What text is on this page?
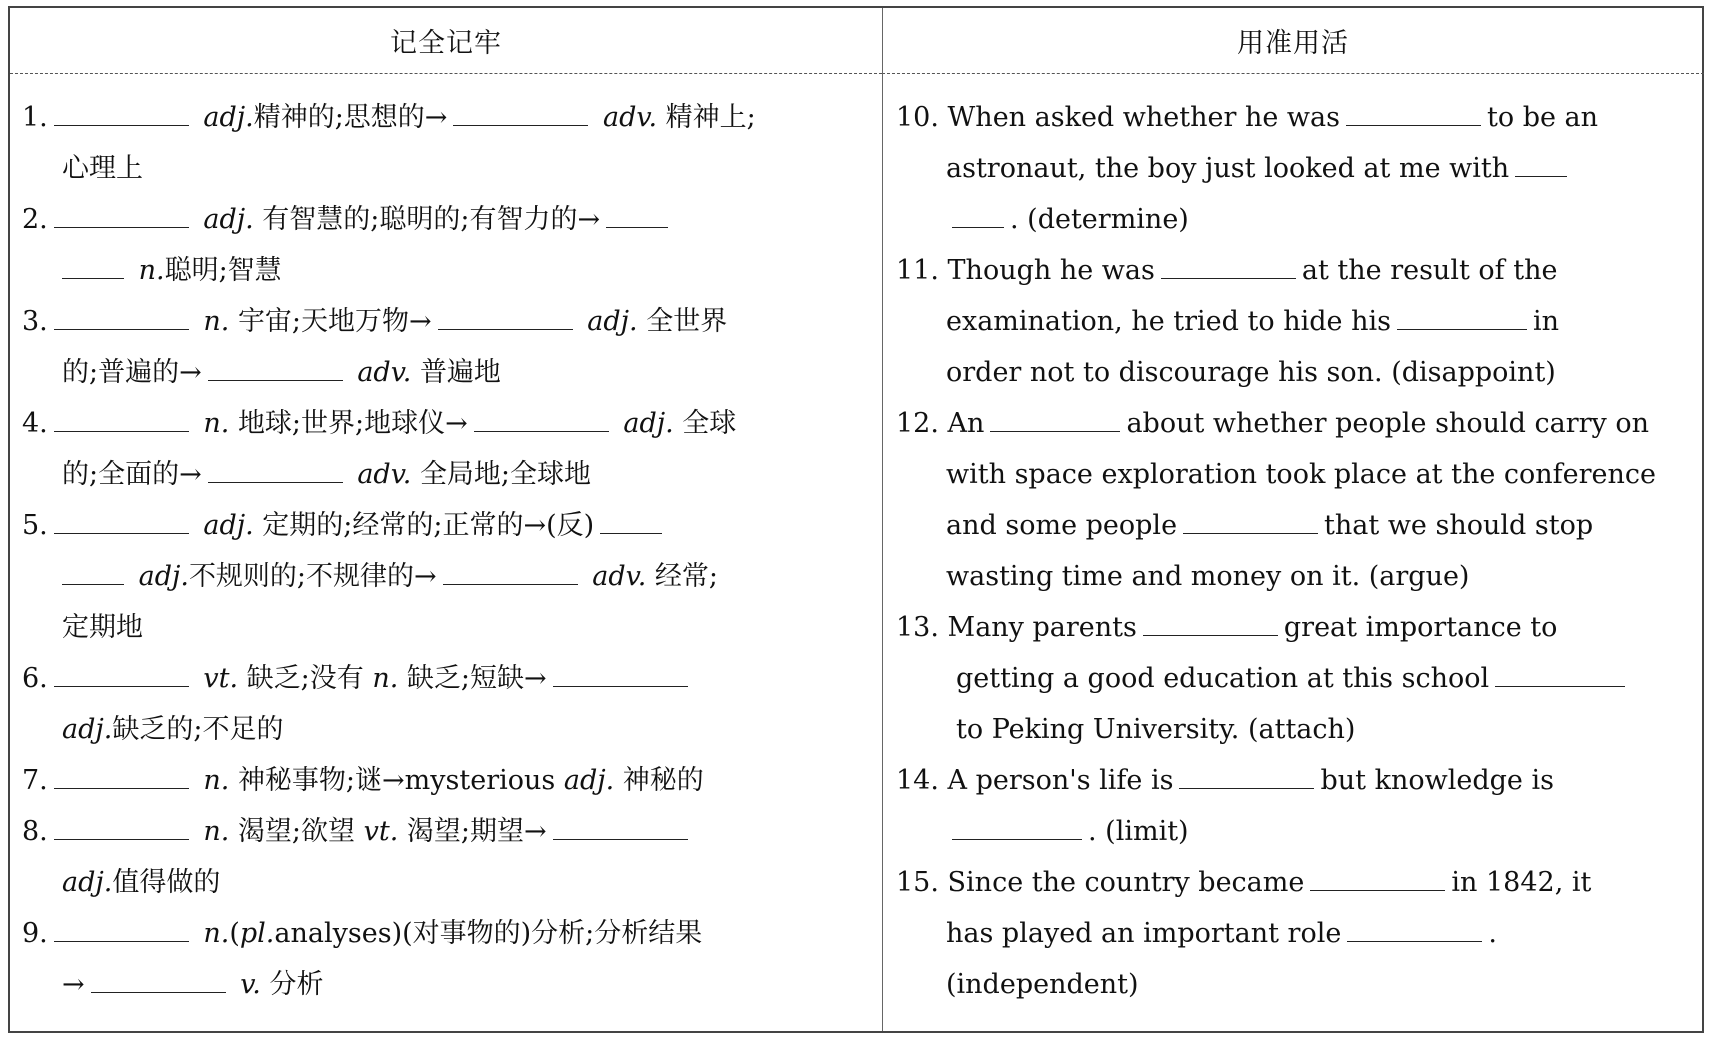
记全记牢	用准用活
1.	adj.精神的;思想的→	adv. 精神上;
心理上
2.	adj. 有智慧的;聪明的;有智力的→
n.聪明;智慧
3.	n. 宇宙;天地万物→	adj. 全世界
的;普遍的→	adv. 普遍地
4.	n. 地球;世界;地球仪→	adj. 全球
的;全面的→	adv. 全局地;全球地
5.	adj. 定期的;经常的;正常的→(反)
adj.不规则的;不规律的→	adv. 经常;
定期地
6.	vt. 缺乏;没有 n. 缺乏;短缺→
adj.缺乏的;不足的
7.	n. 神秘事物;谜→mysterious adj. 神秘的
8.	n. 渴望;欲望 vt. 渴望;期望→
adj.值得做的
9.	n.(pl.analyses)(对事物的)分析;分析结果
→	v. 分析
10. When asked whether he was	to be an
astronaut, the boy just looked at me with
. (determine)
11. Though he was	at the result of the
examination, he tried to hide his	in
order not to discourage his son. (disappoint)
12. An	about whether people should carry on
with space exploration took place at the conference
and some people	that we should stop
wasting time and money on it. (argue)
13. Many parents	great importance to
getting a good education at this school
to Peking University. (attach)
14. A person's life is	but knowledge is
. (limit)
15. Since the country became	in 1842, it
has played an important role	.
(independent)
